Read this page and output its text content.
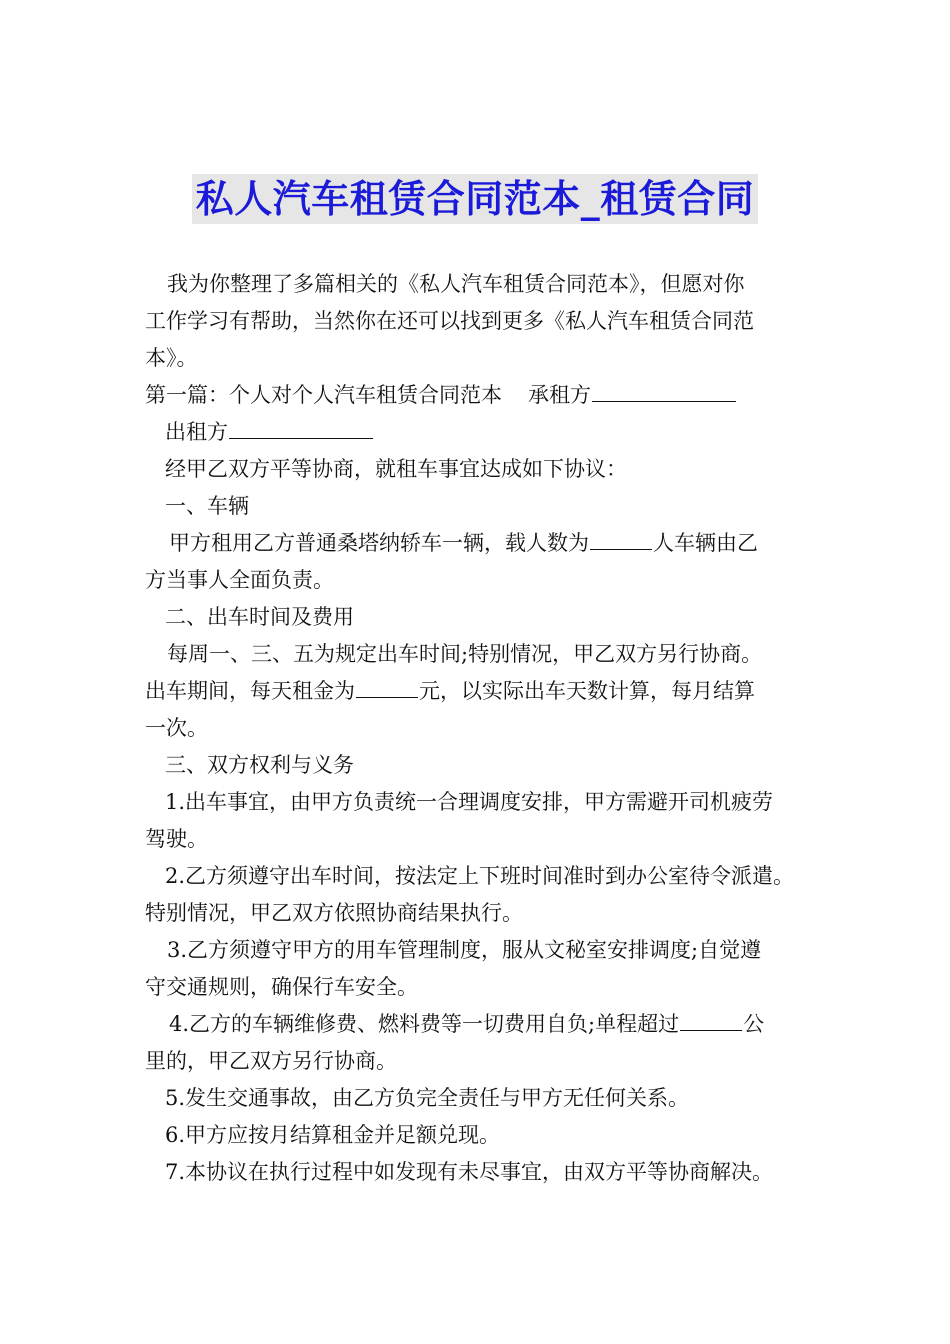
私人汽车租赁合同范本_租赁合同
我为你整理了多篇相关的《私人汽车租赁合同范本》，但愿对你
工作学习有帮助，当然你在还可以找到更多《私人汽车租赁合同范
本》。
第一篇：个人对个人汽车租赁合同范本 承租方
出租方
经甲乙双方平等协商，就租车事宜达成如下协议：
一、车辆
甲方租用乙方普通桑塔纳轿车一辆，载人数为	人车辆由乙
方当事人全面负责。
二、出车时间及费用
每周一、三、五为规定出车时间;特别情况，甲乙双方另行协商。
出车期间，每天租金为	元，以实际出车天数计算，每月结算
一次。
三、双方权利与义务
1.出车事宜，由甲方负责统一合理调度安排，甲方需避开司机疲劳
驾驶。
2.乙方须遵守出车时间，按法定上下班时间准时到办公室待令派遣。
特别情况，甲乙双方依照协商结果执行。
3.乙方须遵守甲方的用车管理制度，服从文秘室安排调度;自觉遵
守交通规则，确保行车安全。
4.乙方的车辆维修费、燃料费等一切费用自负;单程超过	公
里的，甲乙双方另行协商。
5.发生交通事故，由乙方负完全责任与甲方无任何关系。
6.甲方应按月结算租金并足额兑现。
7.本协议在执行过程中如发现有未尽事宜，由双方平等协商解决。
